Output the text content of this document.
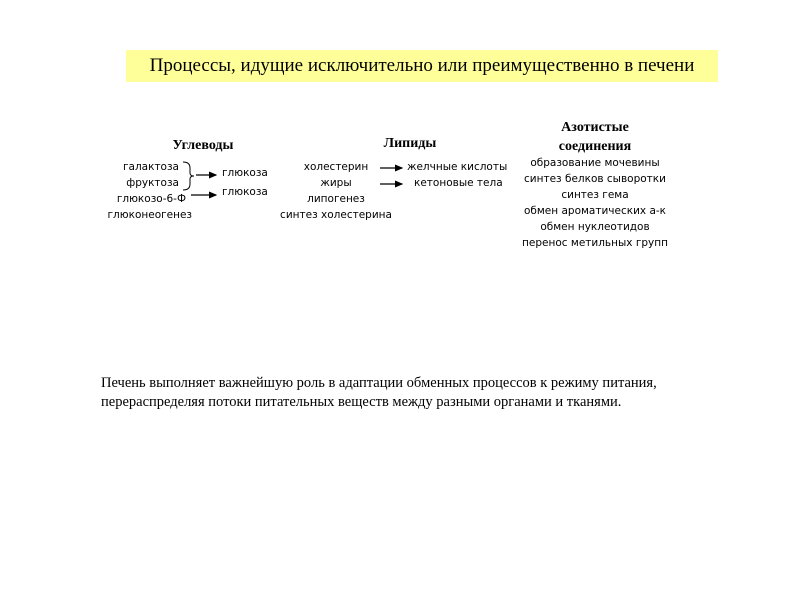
Процессы, идущие исключительно или преимущественно в печени
Углеводы
галактоза
фруктоза
глюкозо-6-Ф
глюконеогенез
глюкоза
глюкоза
Липиды
холестерин
жиры
липогенез
синтез холестерина
желчные кислоты
кетоновые тела
Азотистые
соединения
образование мочевины
синтез белков сыворотки
синтез гема
обмен ароматических а-к
обмен нуклеотидов
перенос метильных групп
Печень выполняет важнейшую роль в адаптации обменных процессов к режиму питания,
перераспределяя потоки питательных веществ между разными органами и тканями.
